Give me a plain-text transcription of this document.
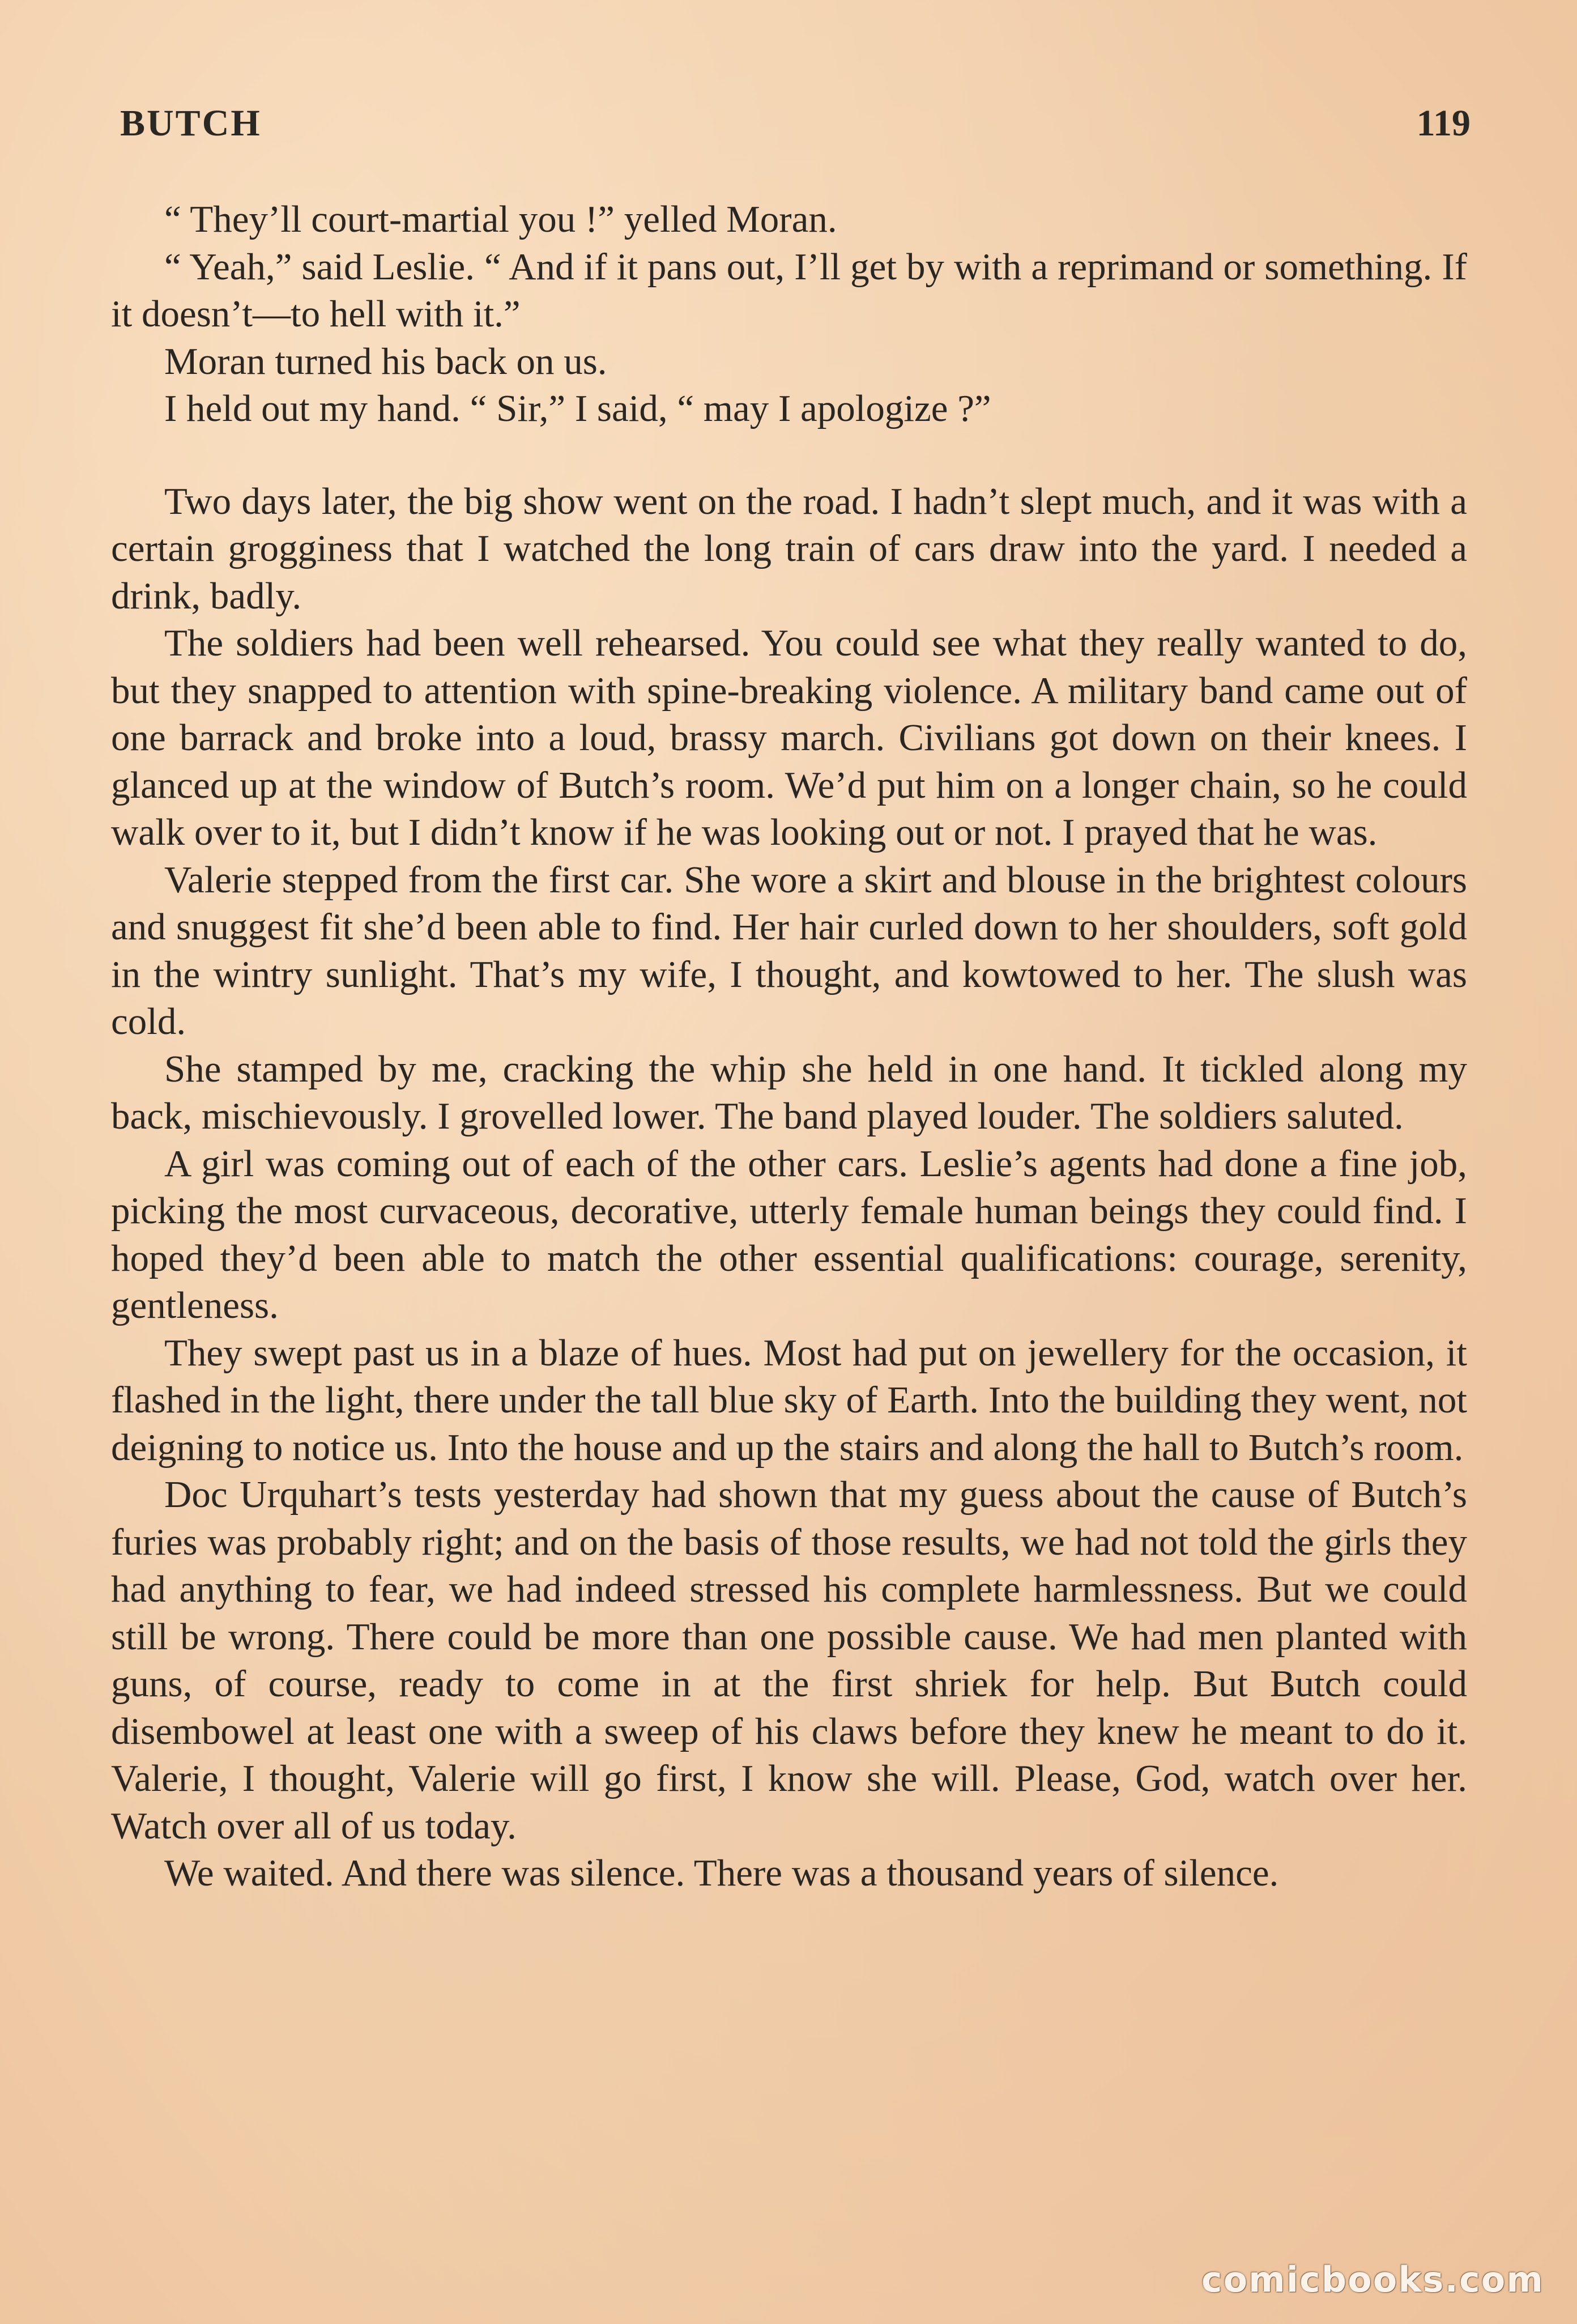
BUTCH	119

“ They’ll court-martial you !” yelled Moran.

“ Yeah,” said Leslie. “ And if it pans out, I’ll get by with a reprimand or something. If it doesn’t—to hell with it.”

Moran turned his back on us.

I held out my hand. “ Sir,” I said, “ may I apologize ?”

Two days later, the big show went on the road. I hadn’t slept much, and it was with a certain grogginess that I watched the long train of cars draw into the yard. I needed a drink, badly.

The soldiers had been well rehearsed. You could see what they really wanted to do, but they snapped to attention with spine-breaking violence. A military band came out of one barrack and broke into a loud, brassy march. Civilians got down on their knees. I glanced up at the window of Butch’s room. We’d put him on a longer chain, so he could walk over to it, but I didn’t know if he was looking out or not. I prayed that he was.

Valerie stepped from the first car. She wore a skirt and blouse in the brightest colours and snuggest fit she’d been able to find. Her hair curled down to her shoulders, soft gold in the wintry sunlight. That’s my wife, I thought, and kowtowed to her. The slush was cold.

She stamped by me, cracking the whip she held in one hand. It tickled along my back, mischievously. I grovelled lower. The band played louder. The soldiers saluted.

A girl was coming out of each of the other cars. Leslie’s agents had done a fine job, picking the most curvaceous, decorative, utterly female human beings they could find. I hoped they’d been able to match the other essential qualifications: courage, serenity, gentleness.

They swept past us in a blaze of hues. Most had put on jewellery for the occasion, it flashed in the light, there under the tall blue sky of Earth. Into the building they went, not deigning to notice us. Into the house and up the stairs and along the hall to Butch’s room.

Doc Urquhart’s tests yesterday had shown that my guess about the cause of Butch’s furies was probably right; and on the basis of those results, we had not told the girls they had anything to fear, we had indeed stressed his complete harmlessness. But we could still be wrong. There could be more than one possible cause. We had men planted with guns, of course, ready to come in at the first shriek for help. But Butch could disembowel at least one with a sweep of his claws before they knew he meant to do it. Valerie, I thought, Valerie will go first, I know she will. Please, God, watch over her. Watch over all of us today.

We waited. And there was silence. There was a thousand years of silence.

comicbooks.com
